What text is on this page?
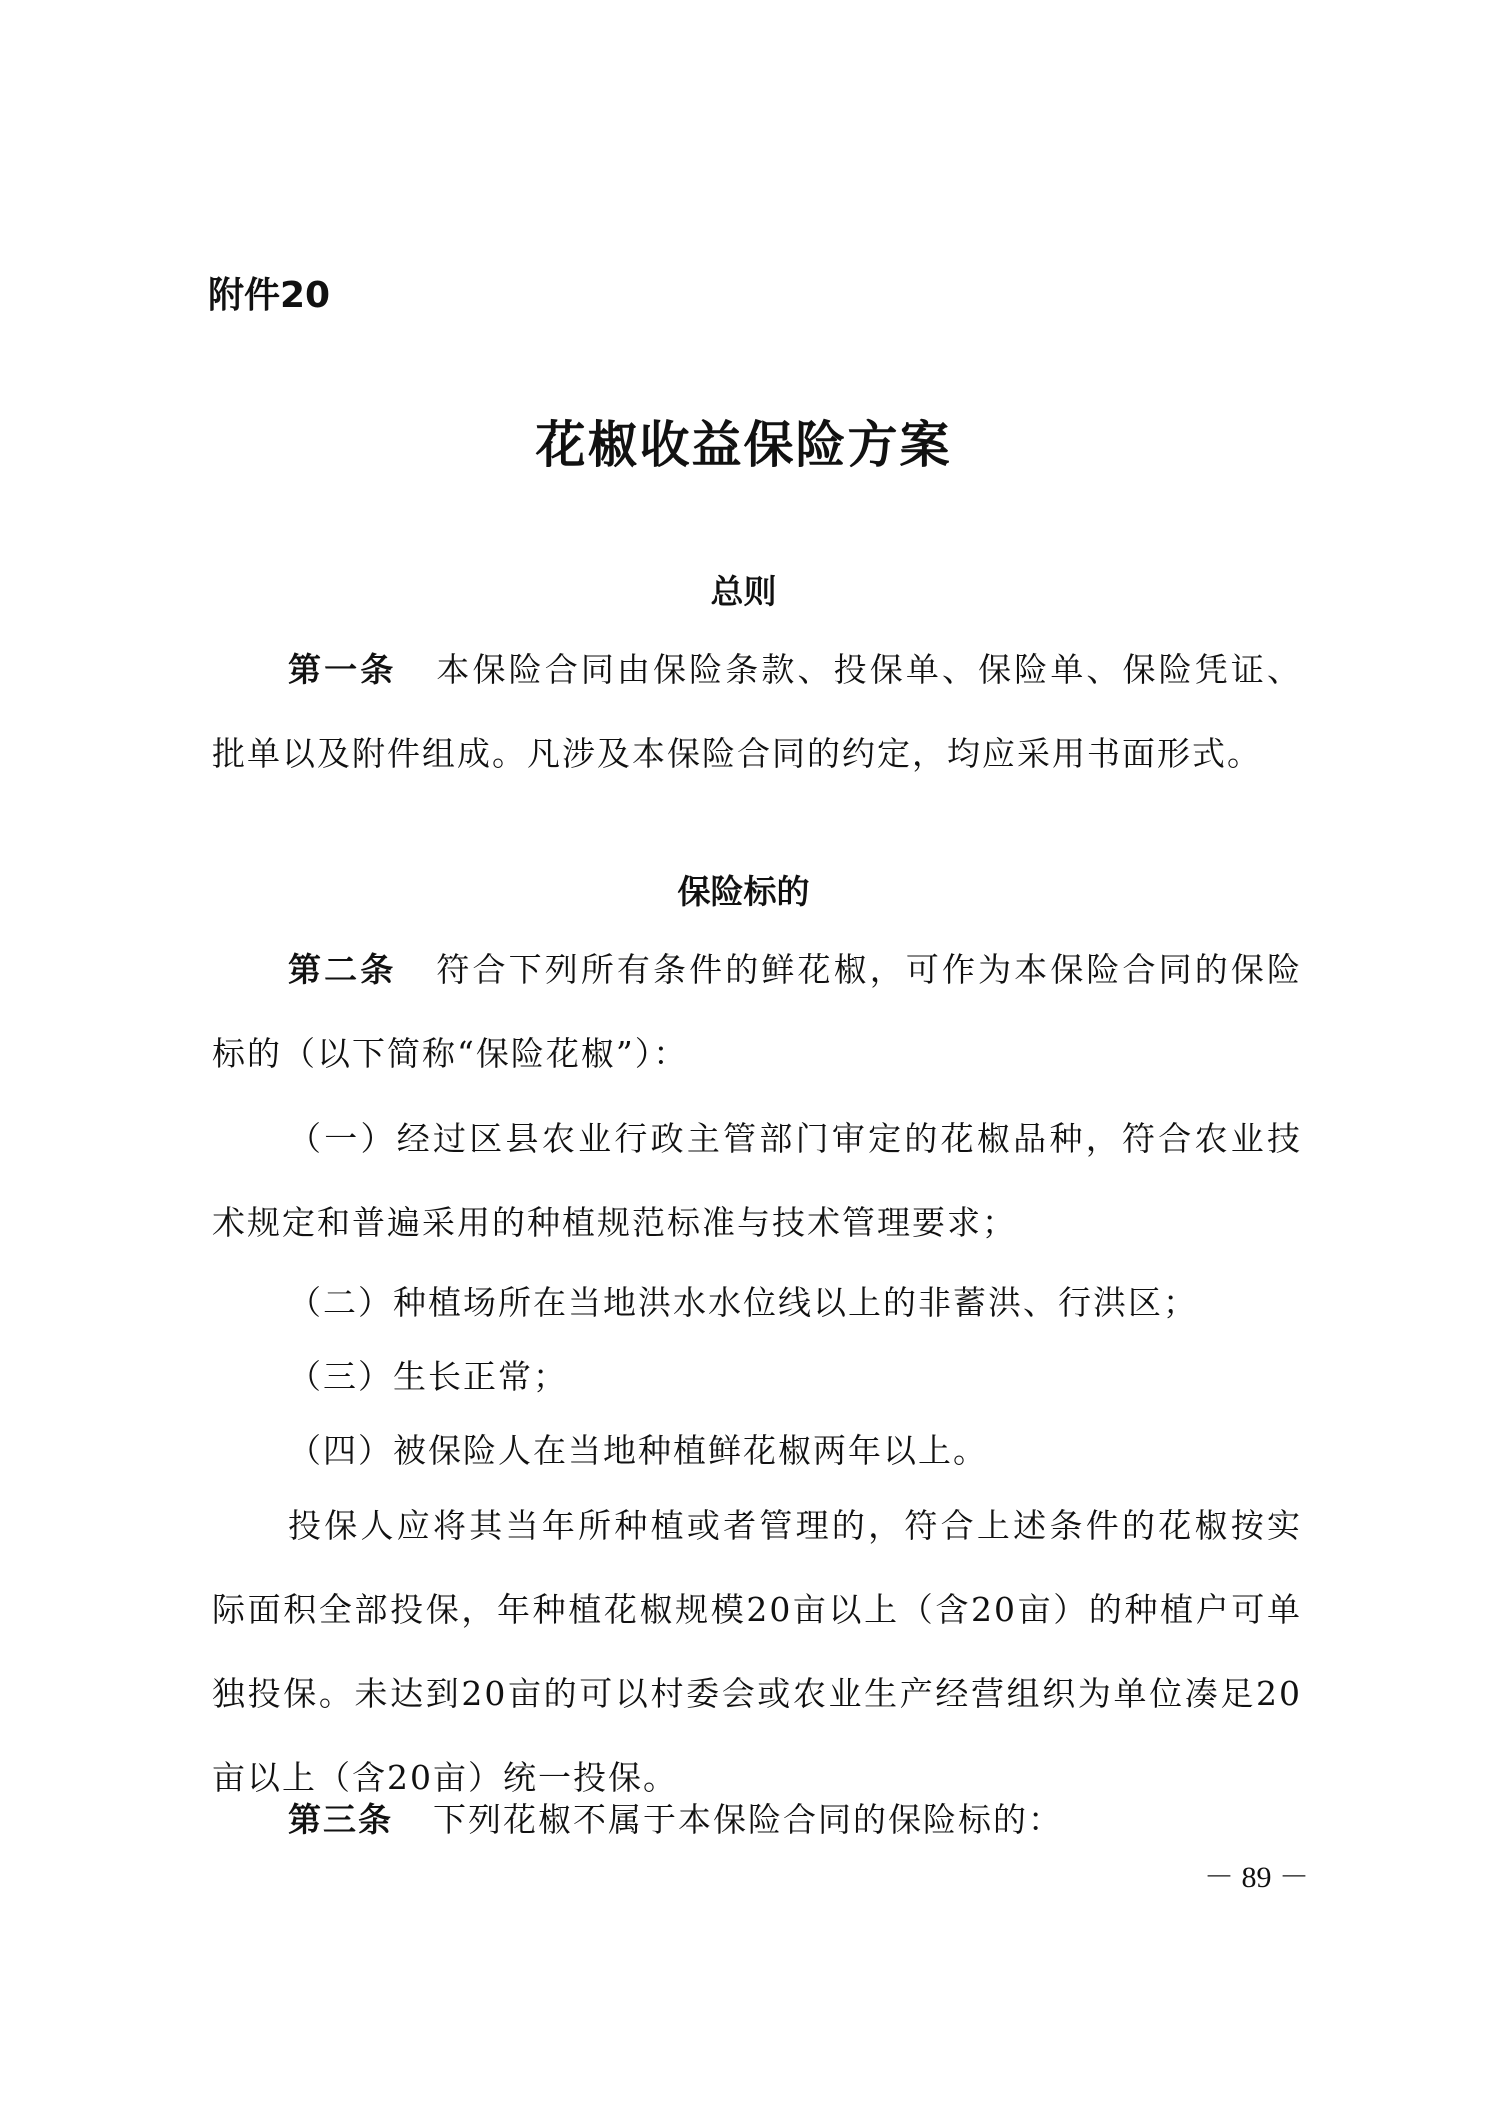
附件20
花椒收益保险方案
总则

第一条 本保险合同由保险条款、投保单、保险单、保险凭证、批单以及附件组成。凡涉及本保险合同的约定，均应采用书面形式。

保险标的

第二条 符合下列所有条件的鲜花椒，可作为本保险合同的保险标的（以下简称“保险花椒”）：

（一）经过区县农业行政主管部门审定的花椒品种，符合农业技术规定和普遍采用的种植规范标准与技术管理要求；

（二）种植场所在当地洪水水位线以上的非蓄洪、行洪区；

（三）生长正常；

（四）被保险人在当地种植鲜花椒两年以上。

投保人应将其当年所种植或者管理的，符合上述条件的花椒按实际面积全部投保，年种植花椒规模20亩以上（含20亩）的种植户可单独投保。未达到20亩的可以村委会或农业生产经营组织为单位凑足20亩以上（含20亩）统一投保。

第三条 下列花椒不属于本保险合同的保险标的：

－ 89 －
